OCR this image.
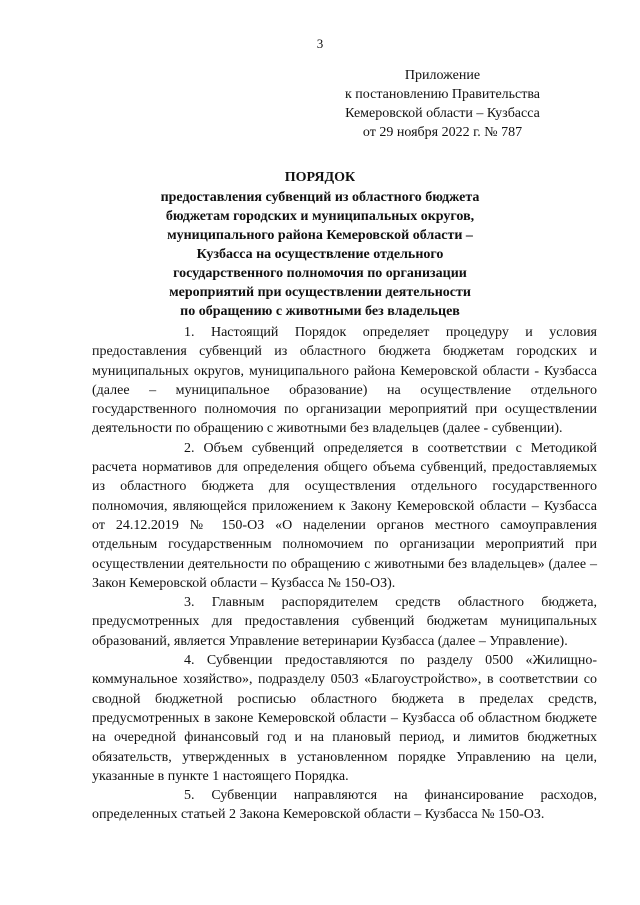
3
Приложение
к постановлению Правительства
Кемеровской области – Кузбасса
от 29 ноября 2022 г. № 787
ПОРЯДОК
предоставления субвенций из областного бюджета
бюджетам городских и муниципальных округов,
муниципального района Кемеровской области –
Кузбасса на осуществление отдельного
государственного полномочия по организации
мероприятий при осуществлении деятельности
по обращению с животными без владельцев

1. Настоящий Порядок определяет процедуру и условия предоставления субвенций из областного бюджета бюджетам городских и муниципальных округов, муниципального района Кемеровской области - Кузбасса (далее – муниципальное образование) на осуществление отдельного государственного полномочия по организации мероприятий при осуществлении деятельности по обращению с животными без владельцев (далее - субвенции).

2. Объем субвенций определяется в соответствии с Методикой расчета нормативов для определения общего объема субвенций, предоставляемых из областного бюджета для осуществления отдельного государственного полномочия, являющейся приложением к Закону Кемеровской области – Кузбасса от 24.12.2019 № 150-ОЗ «О наделении органов местного самоуправления отдельным государственным полномочием по организации мероприятий при осуществлении деятельности по обращению с животными без владельцев» (далее – Закон Кемеровской области – Кузбасса № 150-ОЗ).

3. Главным распорядителем средств областного бюджета, предусмотренных для предоставления субвенций бюджетам муниципальных образований, является Управление ветеринарии Кузбасса (далее – Управление).

4. Субвенции предоставляются по разделу 0500 «Жилищно-коммунальное хозяйство», подразделу 0503 «Благоустройство», в соответствии со сводной бюджетной росписью областного бюджета в пределах средств, предусмотренных в законе Кемеровской области – Кузбасса об областном бюджете на очередной финансовый год и на плановый период, и лимитов бюджетных обязательств, утвержденных в установленном порядке Управлению на цели, указанные в пункте 1 настоящего Порядка.

5. Субвенции направляются на финансирование расходов, определенных статьей 2 Закона Кемеровской области – Кузбасса № 150-ОЗ.
